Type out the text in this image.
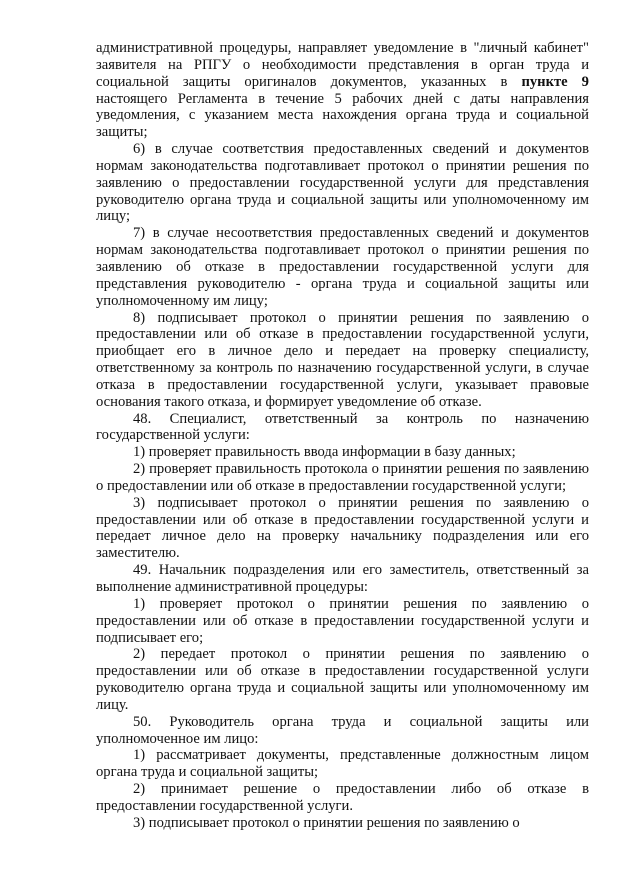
административной процедуры, направляет уведомление в "личный кабинет" заявителя на РПГУ о необходимости представления в орган труда и социальной защиты оригиналов документов, указанных в пункте 9 настоящего Регламента в течение 5 рабочих дней с даты направления уведомления, с указанием места нахождения органа труда и социальной защиты;

6) в случае соответствия предоставленных сведений и документов нормам законодательства подготавливает протокол о принятии решения по заявлению о предоставлении государственной услуги для представления руководителю органа труда и социальной защиты или уполномоченному им лицу;

7) в случае несоответствия предоставленных сведений и документов нормам законодательства подготавливает протокол о принятии решения по заявлению об отказе в предоставлении государственной услуги для представления руководителю - органа труда и социальной защиты или уполномоченному им лицу;

8) подписывает протокол о принятии решения по заявлению о предоставлении или об отказе в предоставлении государственной услуги, приобщает его в личное дело и передает на проверку специалисту, ответственному за контроль по назначению государственной услуги, в случае отказа в предоставлении государственной услуги, указывает правовые основания такого отказа, и формирует уведомление об отказе.

48. Специалист, ответственный за контроль по назначению государственной услуги:

1) проверяет правильность ввода информации в базу данных;

2) проверяет правильность протокола о принятии решения по заявлению о предоставлении или об отказе в предоставлении государственной услуги;

3) подписывает протокол о принятии решения по заявлению о предоставлении или об отказе в предоставлении государственной услуги и передает личное дело на проверку начальнику подразделения или его заместителю.

49. Начальник подразделения или его заместитель, ответственный за выполнение административной процедуры:

1) проверяет протокол о принятии решения по заявлению о предоставлении или об отказе в предоставлении государственной услуги и подписывает его;

2) передает протокол о принятии решения по заявлению о предоставлении или об отказе в предоставлении государственной услуги руководителю органа труда и социальной защиты или уполномоченному им лицу.

50. Руководитель органа труда и социальной защиты или уполномоченное им лицо:

1) рассматривает документы, представленные должностным лицом органа труда и социальной защиты;

2) принимает решение о предоставлении либо об отказе в предоставлении государственной услуги.

3) подписывает протокол о принятии решения по заявлению о
